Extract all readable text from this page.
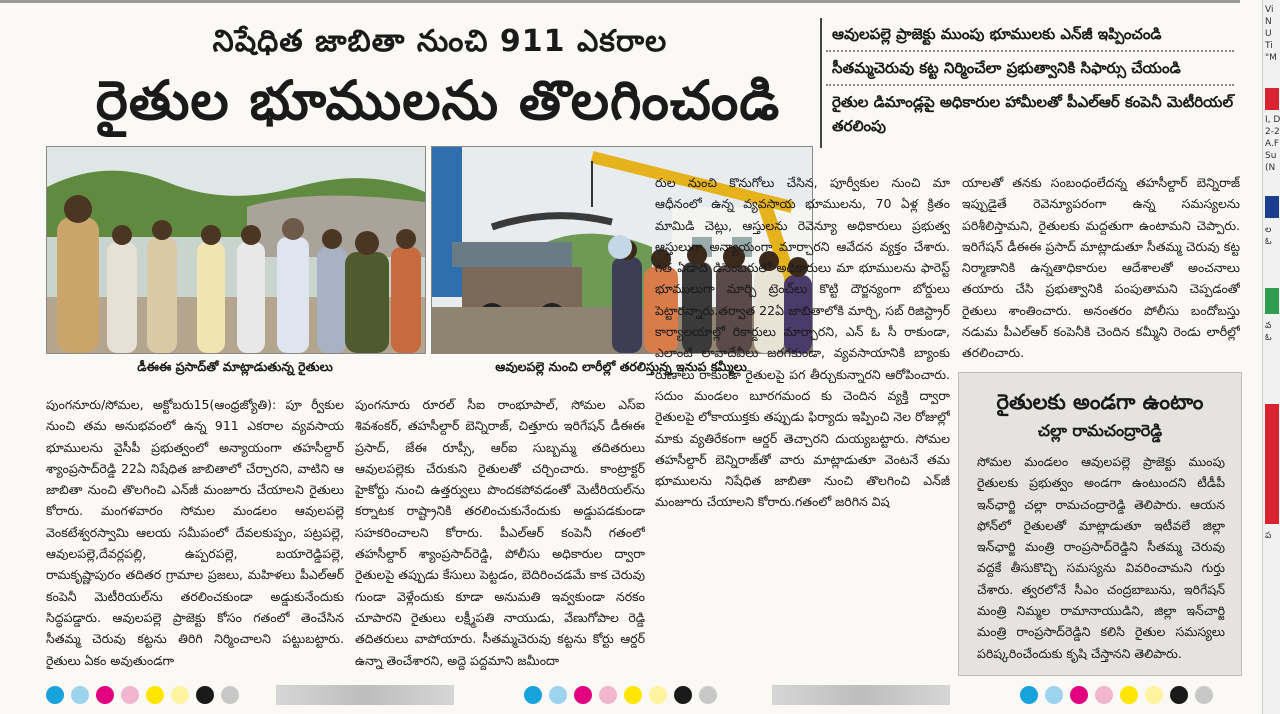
నిషేధిత జాబితా నుంచి 911 ఎకరాల
రైతుల భూములను తొలగించండి
ఆవులపల్లె ప్రాజెక్టు ముంపు భూములకు ఎన్‌జీ ఇప్పించండి
సీతమ్మచెరువు కట్ట నిర్మించేలా ప్రభుత్వానికి సిఫార్సు చేయండి
రైతుల డిమాండ్లపై అధికారుల హామీలతో పీఎల్ఆర్ కంపెనీ మెటీరియల్ తరలింపు
డీఈఈ ప్రసాద్‌తో మాట్లాడుతున్న రైతులు	ఆవులపల్లె నుంచి లారీల్లో తరలిస్తున్న ఇనుప కమ్మీలు
పుంగనూరు/సోమల, అక్టోబరు15(ఆంధ్రజ్యోతి): పూ ర్వీకుల నుంచి తమ అనుభవంలో ఉన్న 911 ఎకరాల వ్యవసాయ భూములను వైసీపీ ప్రభుత్వంలో అన్యాయంగా తహసీల్దార్ శ్యాంప్రసాద్‌రెడ్డి 22ఏ నిషేధిత జాబితాలో చేర్చారని, వాటిని ఆ జాబితా నుంచి తొలగించి ఎన్‌జీ మంజూరు చేయాలని రైతులు కోరారు. మంగళవారం సోమల మండలం ఆవులపల్లె వెంకటేశ్వరస్వామి ఆలయ సమీపంలో దేవలకుప్పం, పట్రపల్లె, ఆవులపల్లె,దేవర్లపల్లి, ఉప్పరపల్లె, బయారెడ్డిపల్లె, రామకృష్ణాపురం తదితర గ్రామాల ప్రజలు, మహిళలు పీఎల్ఆర్ కంపెనీ మెటీరియల్‌ను తరలించకుండా అడ్డుకునేందుకు సిద్ధపడ్డారు. ఆవులపల్లె ప్రాజెక్టు కోసం గతంలో తెంచేసిన సీతమ్మ చెరువు కట్టను తిరిగి నిర్మించాలని పట్టుబట్టారు. రైతులు ఏకం అవుతుండగా
పుంగనూరు రూరల్ సీఐ రాంభూపాల్, సోమల ఎస్ఐ శివశంకర్, తహసీల్దార్ బెన్నిరాజ్, చిత్తూరు ఇరిగేషన్ డీఈఈ ప్రసాద్, జేఈ రూప్సీ, ఆర్ఐ సుబ్బమ్మ తదితరులు ఆవులపల్లెకు చేరుకుని రైతులతో చర్చించారు. కాంట్రాక్టర్ హైకోర్టు నుంచి ఉత్తర్వులు పొందకపోవడంతో మెటీరియల్‌ను కర్నాటక రాష్ట్రానికి తరలించుకునేందుకు అడ్డుపడకుండా సహకరించాలని కోరారు. పీఎల్ఆర్ కంపెనీ గతంలో తహసీల్దార్ శ్యాంప్రసాద్‌రెడ్డి, పోలీసు అధికారుల ద్వారా రైతులపై తప్పుడు కేసులు పెట్టడం, బెదిరించడమే కాక చెరువు గుండా వెళ్లేందుకు కూడా అనుమతి ఇవ్వకుండా నరకం చూపారని రైతులు లక్ష్మీపతి నాయుడు, వేణుగోపాల రెడ్డి తదితరులు వాపోయారు. సీతమ్మచెరువు కట్టను కోర్టు ఆర్డర్ ఉన్నా తెంచేశారని, అద్దె పద్దమాని జమీందా
రుల నుంచి కొనుగోలు చేసిన, పూర్వీకుల నుంచి మా ఆధీనంలో ఉన్న వ్యవసాయ భూములను, 70 ఏళ్ల క్రితం మామిడి చెట్లు, ఆస్తులను రెవెన్యూ అధికారులు ప్రభుత్వ ఆస్తులుగా అన్యాయంగా మార్చారని ఆవేదన వ్యక్తం చేశారు. గత ఏడాది డిసెంబరులో అధికారులు మా భూములను ఫారెస్ట్ భూములుగా మార్చి ట్రెంచ్‌లు కొట్టి దౌర్జన్యంగా బోర్డులు పెట్టారన్నారు.తర్వాత 22ఏ జాబితాలోకి మార్చి, సబ్ రిజిస్ట్రార్ కార్యాలయాల్లో రికార్డులు మార్చారని, ఎన్ ఓ సీ రాకుండా, ఎలాంటి లావాదేవీలు జరగకుండా, వ్యవసాయానికి బ్యాంకు రుణాలు రాకుండా రైతులపై పగ తీర్చుకున్నారని ఆరోపించారు. సదుం మండలం బూరగమంద కు చెందిన వ్యక్తి ద్వారా రైతులపై లోకాయుక్తకు తప్పుడు ఫిర్యాదు ఇప్పించి నెల రోజుల్లో మాకు వ్యతిరేకంగా ఆర్డర్ తెచ్చారని దుయ్యబట్టారు. సోమల తహసీల్దార్ బెన్నిరాజ్‌తో వారు మాట్లాడుతూ వెంటనే తమ భూములను నిషేధిత జాబితా నుంచి తొలగించి ఎన్‌జీ మంజూరు చేయాలని కోరారు.గతంలో జరిగిన విష
యాలతో తనకు సంబంధంలేదన్న తహసీల్దార్ బెన్నిరాజ్ ఇప్పుడైతే రెవెన్యూపరంగా ఉన్న సమస్యలను పరిశీలిస్తామని, రైతులకు మద్దతుగా ఉంటామని చెప్పారు. ఇరిగేషన్ డీఈఈ ప్రసాద్ మాట్లాడుతూ సీతమ్మ చెరువు కట్ట నిర్మాణానికి ఉన్నతాధికారుల ఆదేశాలతో అంచనాలు తయారు చేసి ప్రభుత్వానికి పంపుతామని చెప్పడంతో రైతులు శాంతించారు. అనంతరం పోలీసు బందోబస్తు నడుమ పీఎల్ఆర్ కంపెనీకి చెందిన కమ్మీని రెండు లారీల్లో తరలించారు.
రైతులకు అండగా ఉంటాం
చల్లా రామచంద్రారెడ్డి
సోమల మండలం ఆవులపల్లె ప్రాజెక్టు ముంపు రైతులకు ప్రభుత్వం అండగా ఉంటుందని టీడీపీ ఇన్‌ఛార్జి చల్లా రామచంద్రారెడ్డి తెలిపారు. ఆయన ఫోన్‌లో రైతులతో మాట్లాడుతూ ఇటీవలే జిల్లా ఇన్‌ఛార్జి మంత్రి రాంప్రసాద్‌రెడ్డిని సీతమ్మ చెరువు వద్దకే తీసుకొచ్చి సమస్యను వివరించామని గుర్తు చేశారు. త్వరలోనే సీఎం చంద్రబాబును, ఇరిగేషన్ మంత్రి నిమ్మల రామానాయుడిని, జిల్లా ఇన్‌చార్జి మంత్రి రాంప్రసాద్‌రెడ్డిని కలిసి రైతుల సమస్యలు పరిష్కరించేందుకు కృషి చేస్తానని తెలిపారు.
Vi
N
U
Ti
"M
I, D
2-2
A.F
Su
(N
ల
ఓ
వ
ఓ
ప
